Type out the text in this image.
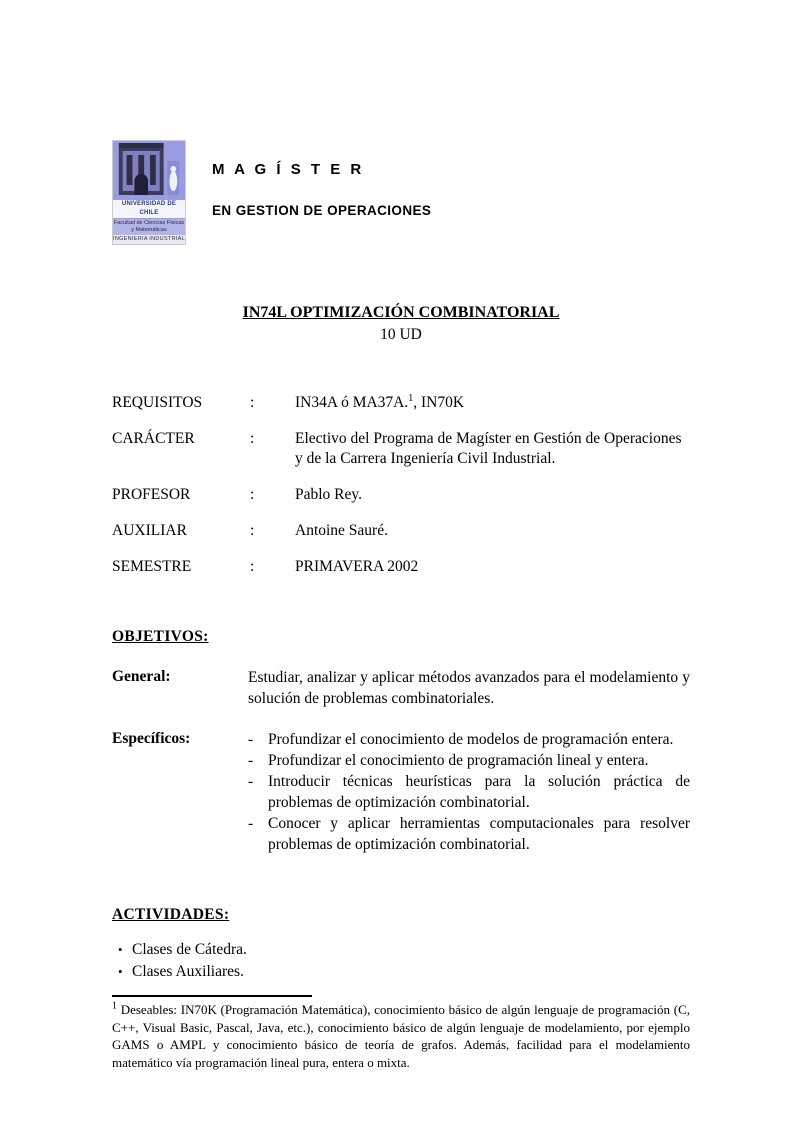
UNIVERSIDAD DE CHILE
Facultad de Ciencias Físicas
y Matemáticas
INGENIERIA INDUSTRIAL
M A G Í S T E R
EN GESTION DE OPERACIONES
IN74L OPTIMIZACIÓN COMBINATORIAL
10 UD
REQUISITOS	:	IN34A ó MA37A.$^1$, IN70K
CARÁCTER	:	Electivo del Programa de Magíster en Gestión de Operaciones y de la Carrera Ingeniería Civil Industrial.
PROFESOR	:	Pablo Rey.
AUXILIAR	:	Antoine Sauré.
SEMESTRE	:	PRIMAVERA 2002
OBJETIVOS:
General:	Estudiar, analizar y aplicar métodos avanzados para el modelamiento y solución de problemas combinatoriales.
Específicos:	- Profundizar el conocimiento de modelos de programación entera.
- Profundizar el conocimiento de programación lineal y entera.
- Introducir técnicas heurísticas para la solución práctica de problemas de optimización combinatorial.
- Conocer y aplicar herramientas computacionales para resolver problemas de optimización combinatorial.
ACTIVIDADES:
• Clases de Cátedra.
• Clases Auxiliares.
$^1$ Deseables: IN70K (Programación Matemática), conocimiento básico de algún lenguaje de programación (C, C++, Visual Basic, Pascal, Java, etc.), conocimiento básico de algún lenguaje de modelamiento, por ejemplo GAMS o AMPL y conocimiento básico de teoría de grafos. Además, facilidad para el modelamiento matemático vía programación lineal pura, entera o mixta.
